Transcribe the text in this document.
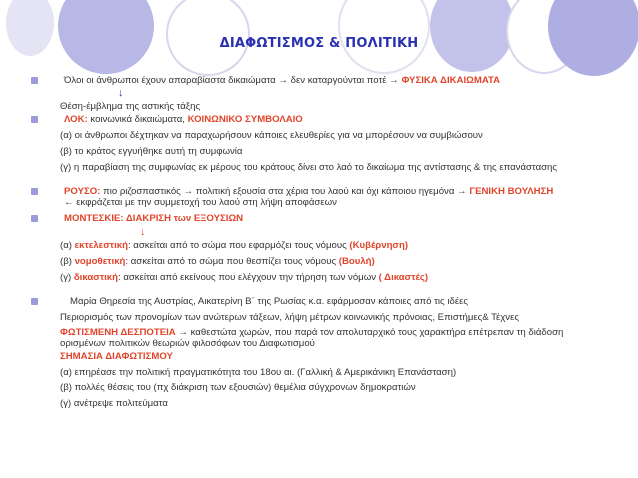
ΔΙΑΦΩΤΙΣΜΟΣ & ΠΟΛΙΤΙΚΗ
Όλοι οι άνθρωποι έχουν απαραβίαστα δικαιώματα → δεν καταργούνται ποτέ → ΦΥΣΙΚΑ ΔΙΚΑΙΩΜΑΤΑ
↓
Θέση-έμβλημα της αστικής τάξης
ΛΟΚ: κοινωνικά δικαιώματα, ΚΟΙΝΩΝΙΚΟ ΣΥΜΒΟΛΑΙΟ
(α) οι άνθρωποι δέχτηκαν να παραχωρήσουν κάποιες ελευθερίες για να μπορέσουν να συμβιώσουν
(β) το κράτος εγγυήθηκε αυτή τη συμφωνία
(γ) η παραβίαση της συμφωνίας εκ μέρους του κράτους δίνει στο λαό το δικαίωμα της αντίστασης & της επανάστασης
ΡΟΥΣΟ: πιο ριζοσπαστικός → πολιτική εξουσία στα χέρια του λαού και όχι κάποιου ηγεμόνα → ΓΕΝΙΚΗ ΒΟΥΛΗΣΗ ← εκφράζεται με την συμμετοχή του λαού στη λήψη αποφάσεων
ΜΟΝΤΕΣΚΙΕ: ΔΙΑΚΡΙΣΗ των ΕΞΟΥΣΙΩΝ
↓
(α) εκτελεστική: ασκείται από το σώμα που εφαρμόζει τους νόμους (Κυβέρνηση)
(β) νομοθετική: ασκείται από το σώμα που θεσπίζει τους νόμους (Βουλή)
(γ) δικαστική: ασκείται από εκείνους που ελέγχουν την τήρηση των νόμων ( Δικαστές)
Μαρία Θηρεσία της Αυστρίας, Αικατερίνη Β΄ της Ρωσίας κ.α. εφάρμοσαν κάποιες από τις ιδέες
Περιορισμός των προνομίων των ανώτερων τάξεων, λήψη μέτρων κοινωνικής πρόνοιας, Επιστήμες& Τέχνες
ΦΩΤΙΣΜΕΝΗ ΔΕΣΠΟΤΕΙΑ → καθεστώτα χωρών, που παρά τον απολυταρχικό τους χαρακτήρα επέτρεπαν τη διάδοση ορισμένων πολιτικών θεωριών φιλοσόφων του Διαφωτισμού
ΣΗΜΑΣΙΑ ΔΙΑΦΩΤΙΣΜΟΥ
(α) επηρέασε την πολιτική πραγματικότητα του 18ου αι. (Γαλλική & Αμερικάνικη Επανάσταση)
(β) πολλές θέσεις του (πχ διάκριση των εξουσιών) θεμέλια σύγχρονων δημοκρατιών
(γ) ανέτρεψε πολιτεύματα
